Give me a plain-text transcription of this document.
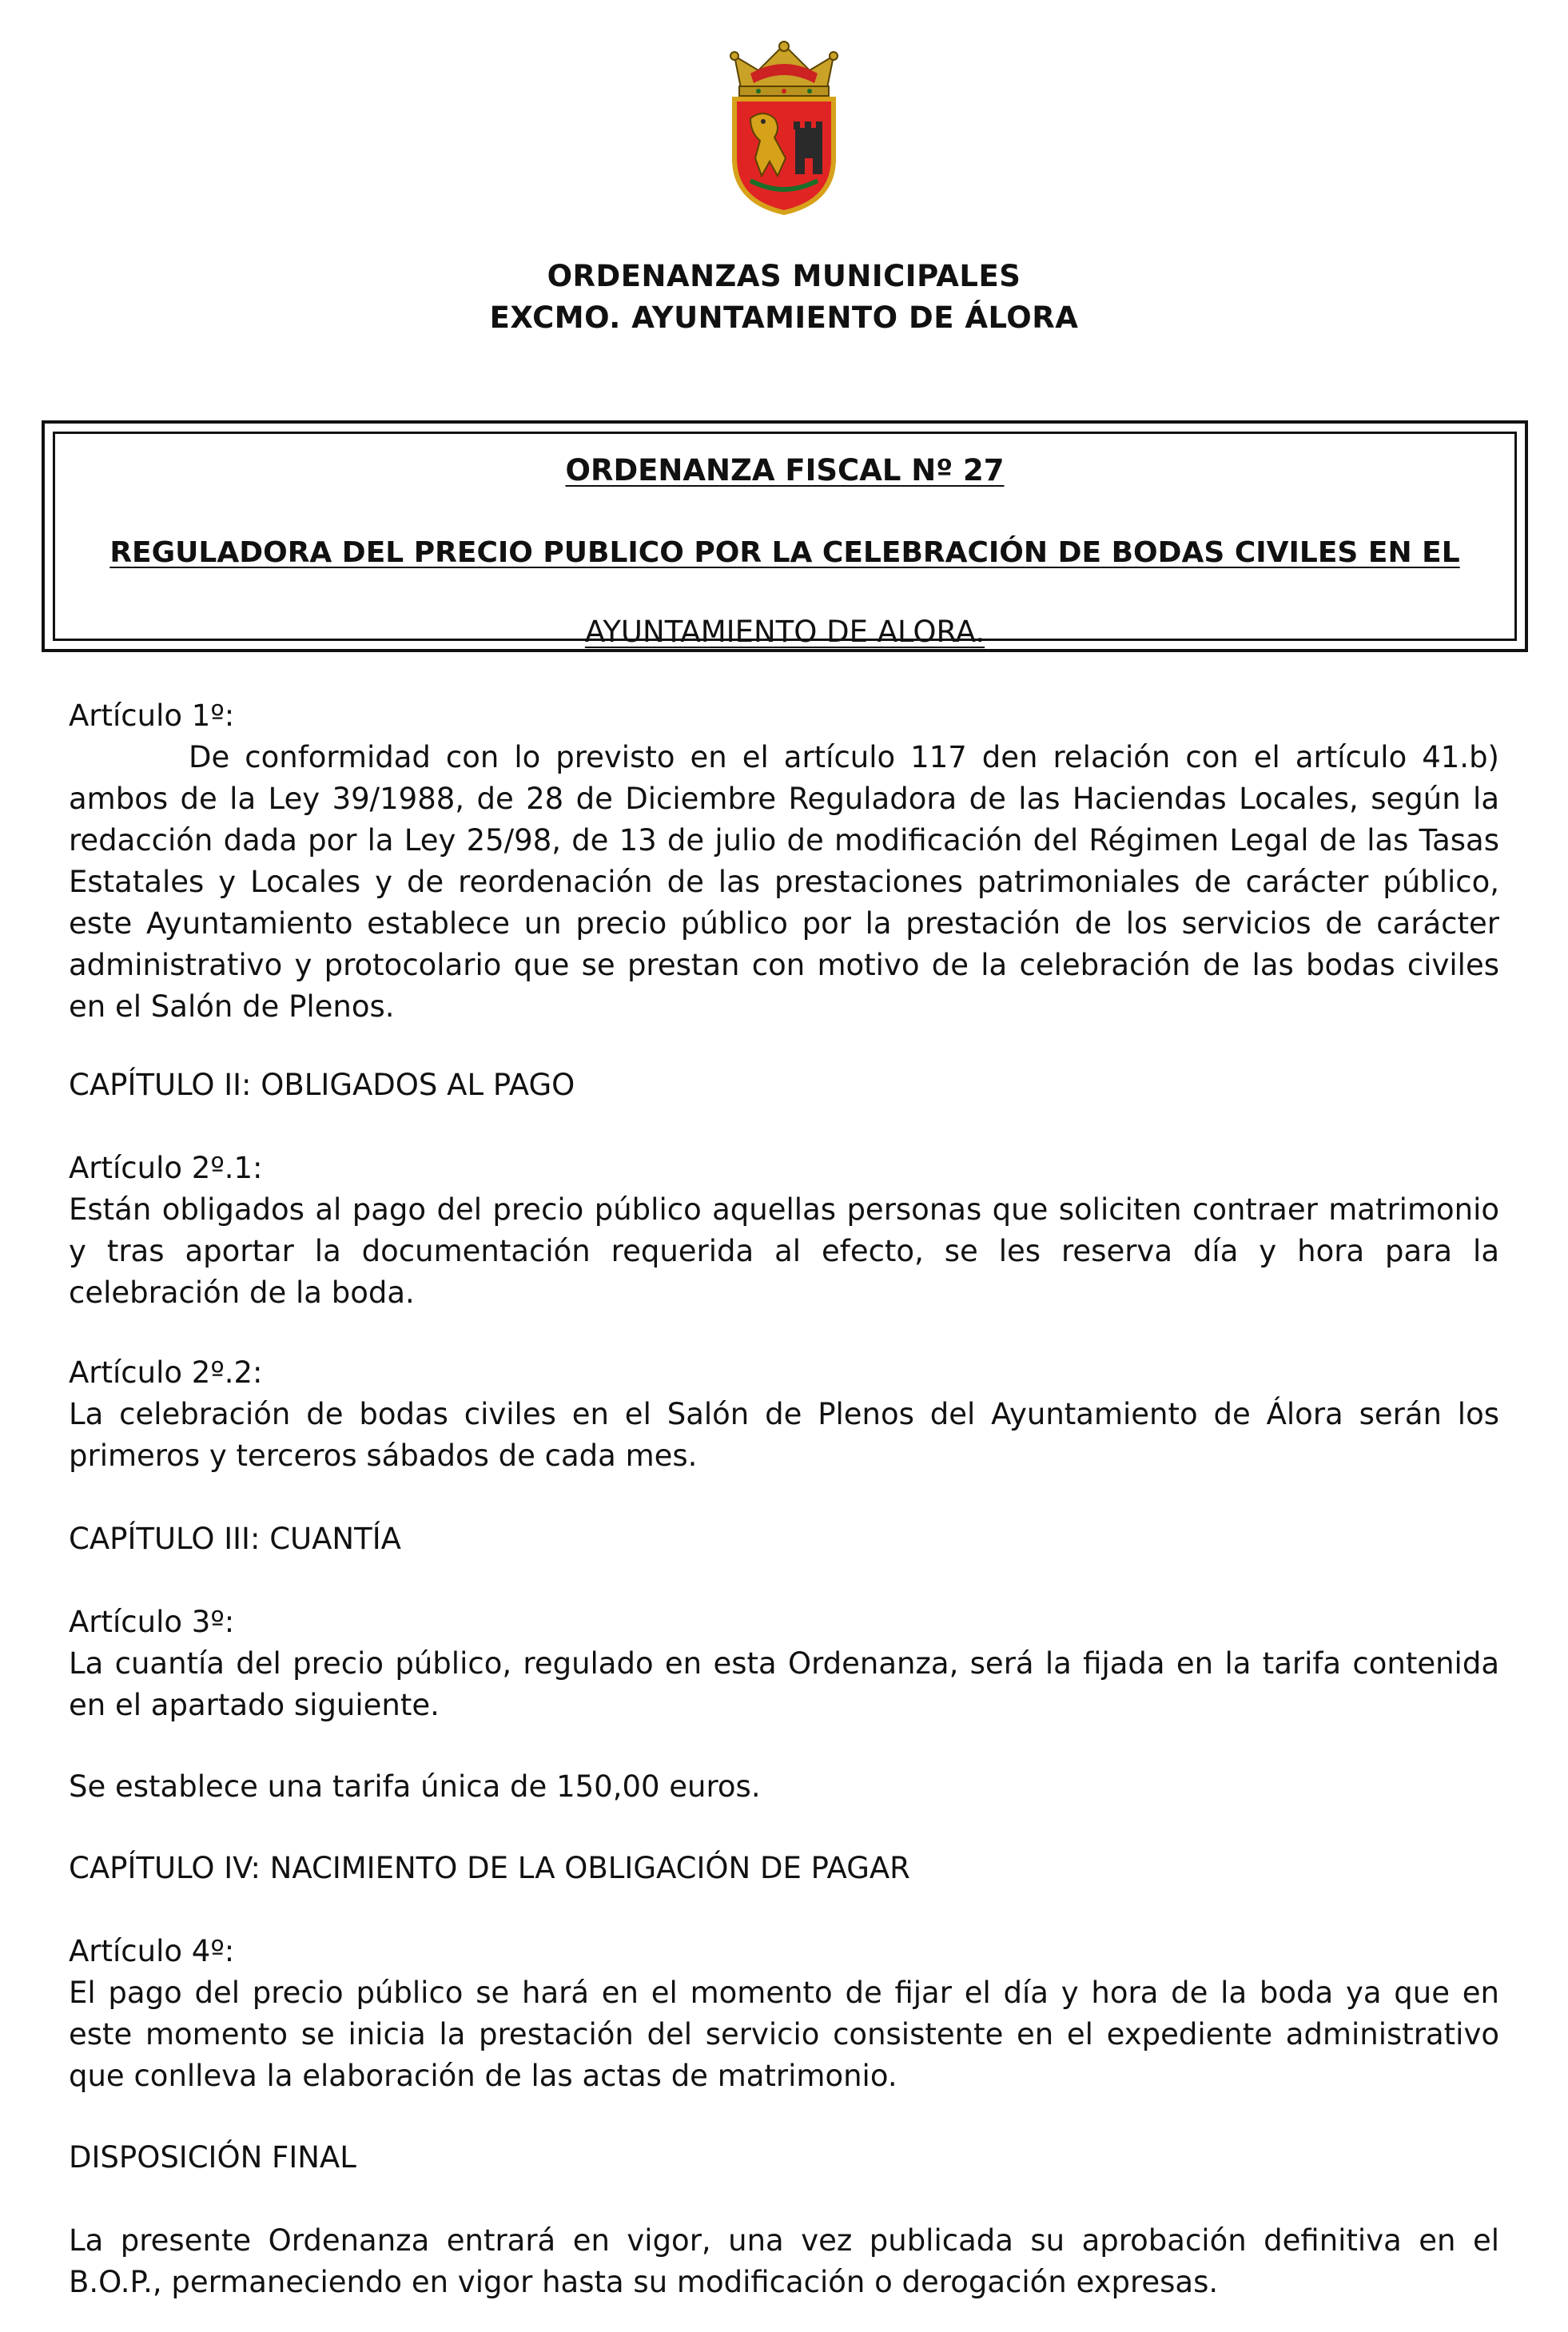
ORDENANZAS MUNICIPALES
EXCMO. AYUNTAMIENTO DE ÁLORA
ORDENANZA FISCAL Nº 27
REGULADORA DEL PRECIO PUBLICO POR LA CELEBRACIÓN DE BODAS CIVILES EN EL
AYUNTAMIENTO DE ALORA.

Artículo 1º:

De conformidad con lo previsto en el artículo 117 den relación con el artículo 41.b) ambos de la Ley 39/1988, de 28 de Diciembre Reguladora de las Haciendas Locales, según la redacción dada por la Ley 25/98, de 13 de julio de modificación del Régimen Legal de las Tasas Estatales y Locales y de reordenación de las prestaciones patrimoniales de carácter público, este Ayuntamiento establece un precio público por la prestación de los servicios de carácter administrativo y protocolario que se prestan con motivo de la celebración de las bodas civiles en el Salón de Plenos.

CAPÍTULO II: OBLIGADOS AL PAGO

Artículo 2º.1:

Están obligados al pago del precio público aquellas personas que soliciten contraer matrimonio y tras aportar la documentación requerida al efecto, se les reserva día y hora para la celebración de la boda.

Artículo 2º.2:

La celebración de bodas civiles en el Salón de Plenos del Ayuntamiento de Álora serán los primeros y terceros sábados de cada mes.

CAPÍTULO III: CUANTÍA

Artículo 3º:

La cuantía del precio público, regulado en esta Ordenanza, será la fijada en la tarifa contenida en el apartado siguiente.

Se establece una tarifa única de 150,00 euros.
CAPÍTULO IV: NACIMIENTO DE LA OBLIGACIÓN DE PAGAR

Artículo 4º:

El pago del precio público se hará en el momento de fijar el día y hora de la boda ya que en este momento se inicia la prestación del servicio consistente en el expediente administrativo que conlleva la elaboración de las actas de matrimonio.

DISPOSICIÓN FINAL
La presente Ordenanza entrará en vigor, una vez publicada su aprobación definitiva en el B.O.P., permaneciendo en vigor hasta su modificación o derogación expresas.
